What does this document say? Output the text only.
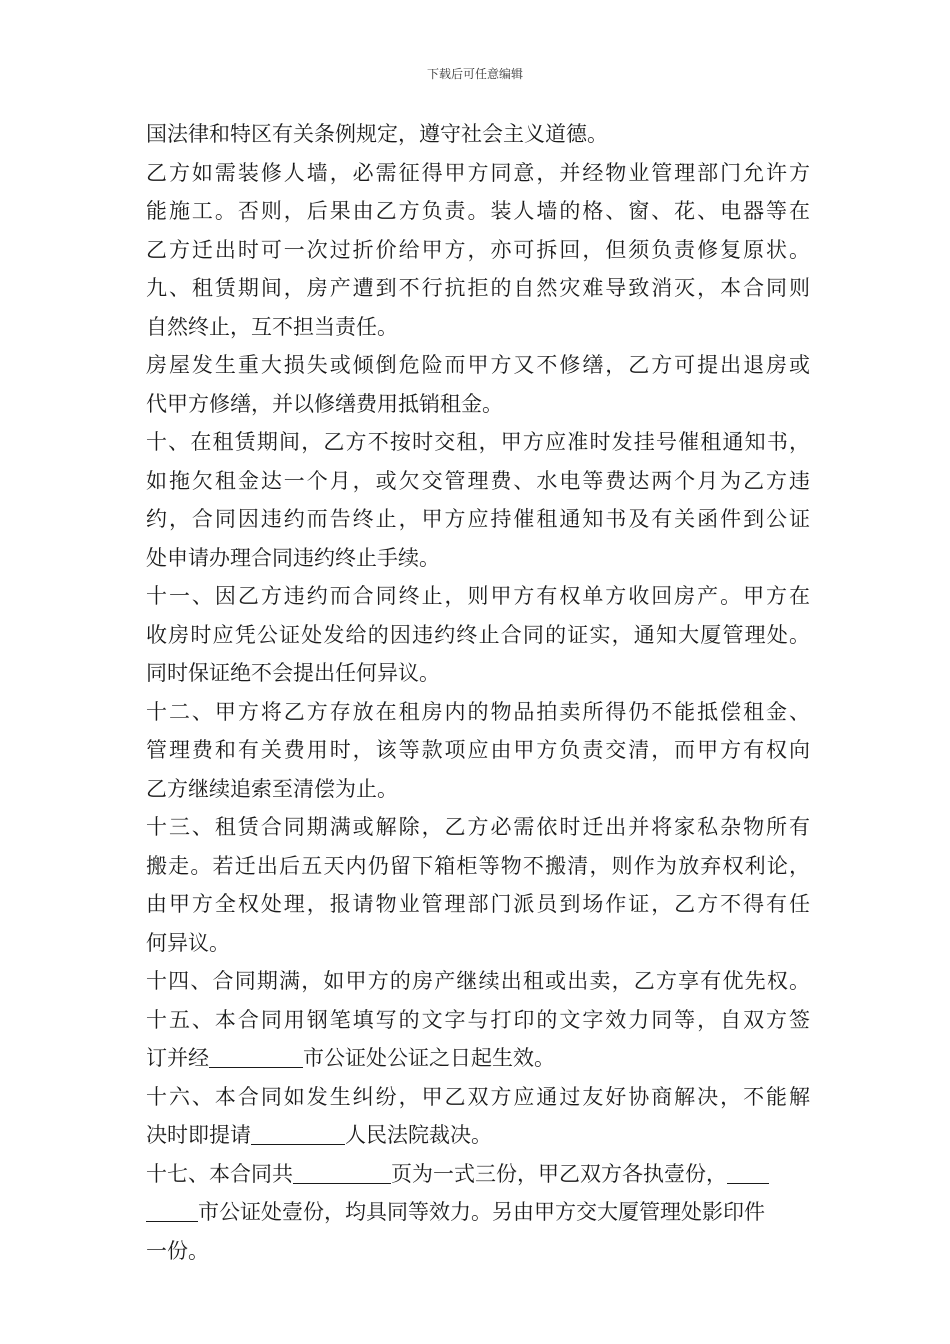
下载后可任意编辑
国法律和特区有关条例规定，遵守社会主义道德。
乙方如需装修人墙，必需征得甲方同意，并经物业管理部门允许方
能施工。否则，后果由乙方负责。装人墙的格、窗、花、电器等在
乙方迁出时可一次过折价给甲方，亦可拆回，但须负责修复原状。
九、租赁期间，房产遭到不行抗拒的自然灾难导致消灭，本合同则
自然终止，互不担当责任。
房屋发生重大损失或倾倒危险而甲方又不修缮，乙方可提出退房或
代甲方修缮，并以修缮费用抵销租金。
十、在租赁期间，乙方不按时交租，甲方应准时发挂号催租通知书，
如拖欠租金达一个月，或欠交管理费、水电等费达两个月为乙方违
约，合同因违约而告终止，甲方应持催租通知书及有关函件到公证
处申请办理合同违约终止手续。
十一、因乙方违约而合同终止，则甲方有权单方收回房产。甲方在
收房时应凭公证处发给的因违约终止合同的证实，通知大厦管理处。
同时保证绝不会提出任何异议。
十二、甲方将乙方存放在租房内的物品拍卖所得仍不能抵偿租金、
管理费和有关费用时，该等款项应由甲方负责交清，而甲方有权向
乙方继续追索至清偿为止。
十三、租赁合同期满或解除，乙方必需依时迁出并将家私杂物所有
搬走。若迁出后五天内仍留下箱柜等物不搬清，则作为放弃权利论，
由甲方全权处理，报请物业管理部门派员到场作证，乙方不得有任
何异议。
十四、合同期满，如甲方的房产继续出租或出卖，乙方享有优先权。
十五、本合同用钢笔填写的文字与打印的文字效力同等，自双方签
订并经	市公证处公证之日起生效。
十六、本合同如发生纠纷，甲乙双方应通过友好协商解决，不能解
决时即提请	人民法院裁决。
十七、本合同共	页为一式三份，甲乙双方各执壹份，
市公证处壹份，均具同等效力。另由甲方交大厦管理处影印件
一份。
